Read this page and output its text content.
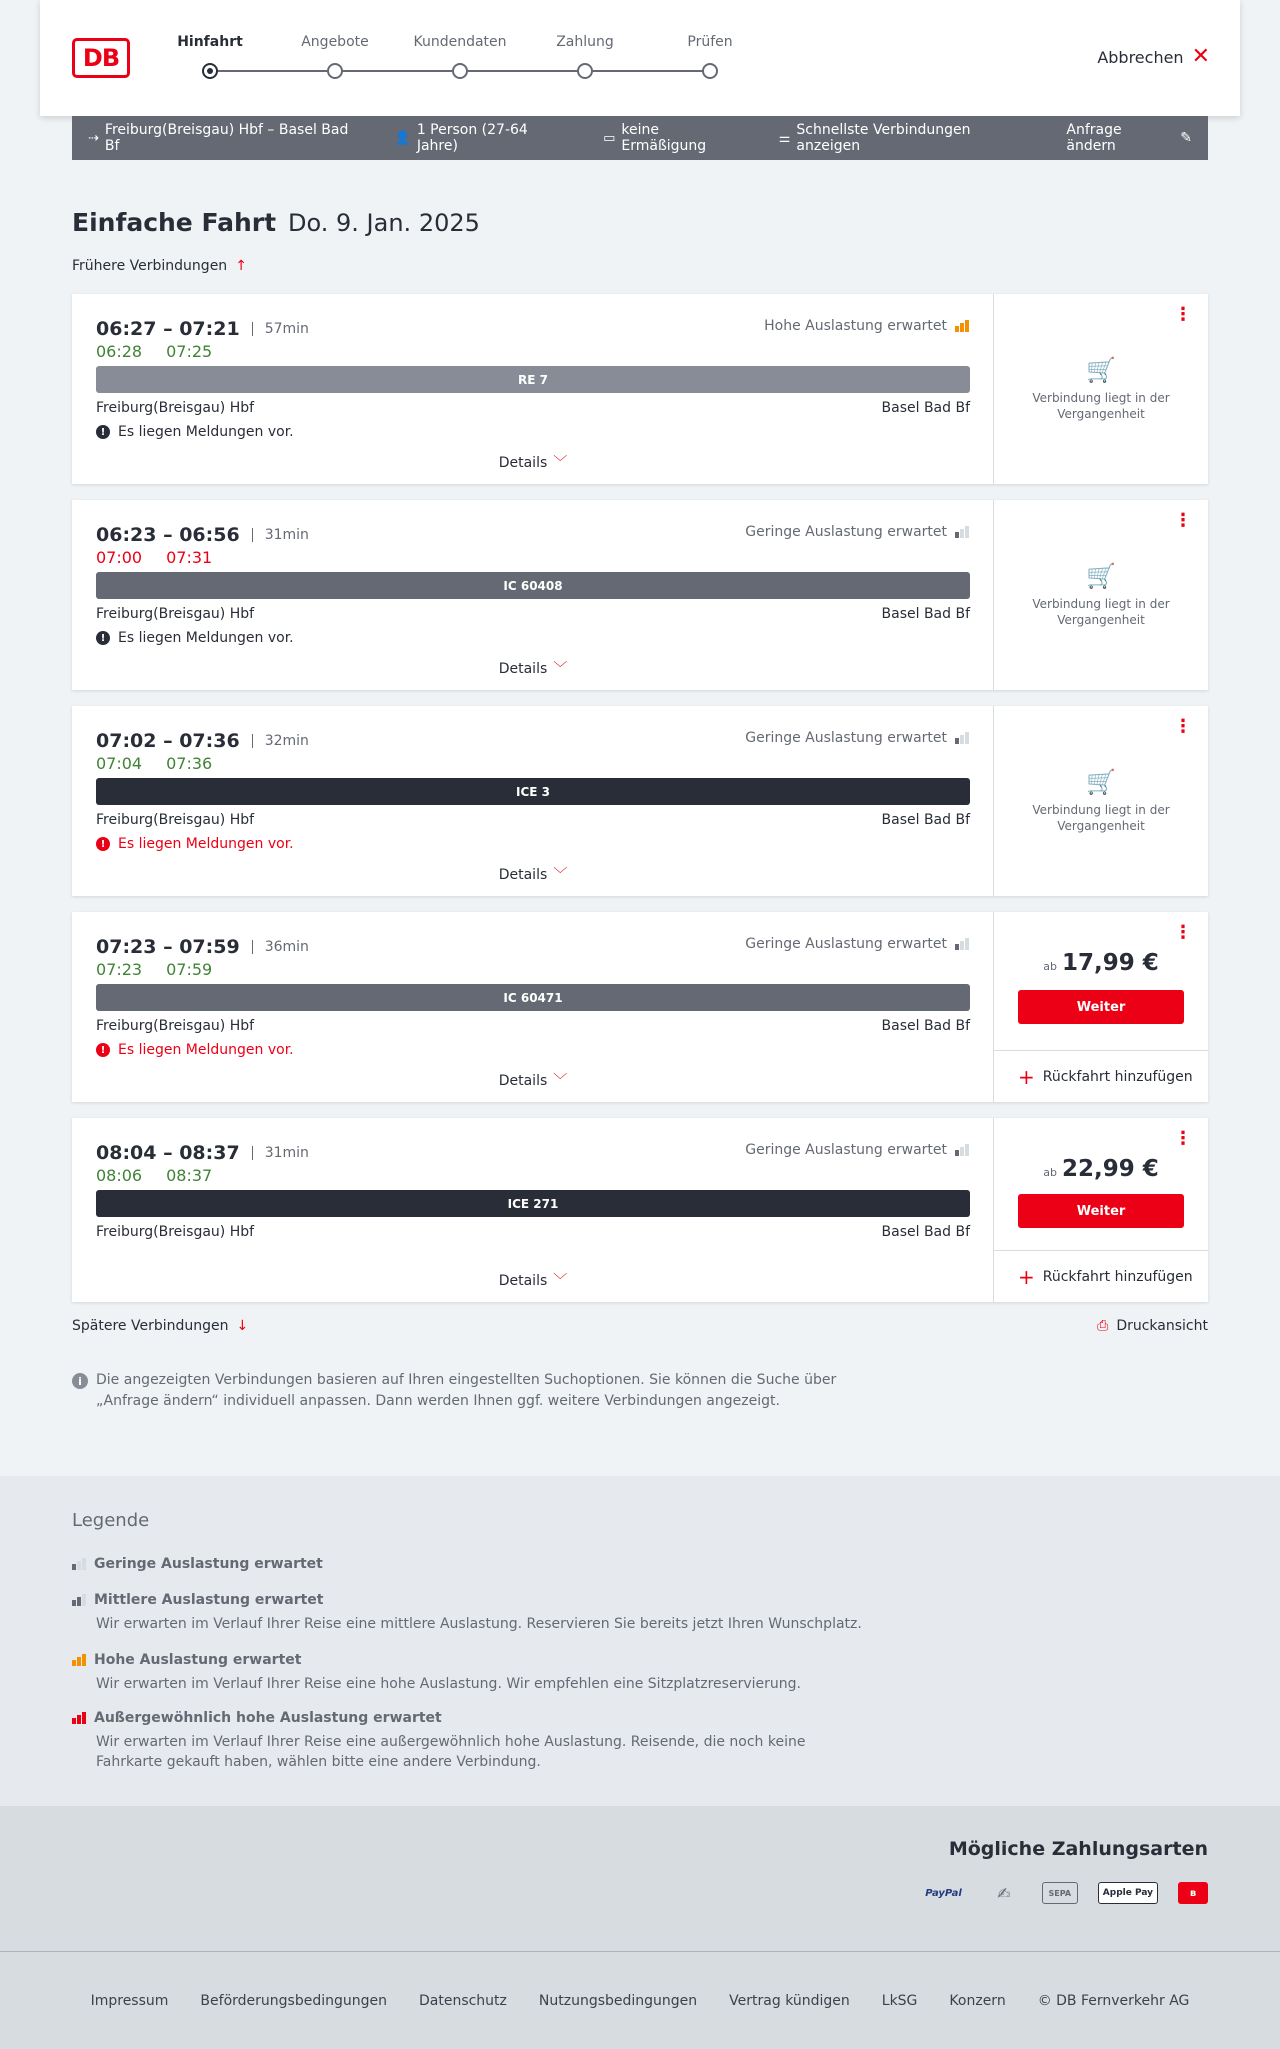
DB
Hinfahrt	Angebote	Kundendaten	Zahlung	Prüfen
Abbrechen ✕
⇢ Freiburg(Breisgau) Hbf – Basel Bad Bf	👤 1 Person (27-64 Jahre)	▭ keine Ermäßigung	⚌ Schnellste Verbindungen anzeigen
Anfrage ändern	✎
Einfache Fahrt Do. 9. Jan. 2025
Frühere Verbindungen ↑
06:27 – 07:21	57min
06:28 07:25
Hohe Auslastung erwartet
RE 7
Freiburg(Breisgau) Hbf	Basel Bad Bf
! Es liegen Meldungen vor.
Details ﹀
⋮
🛒
Verbindung liegt in der Vergangenheit
06:23 – 06:56	31min
07:00 07:31
Geringe Auslastung erwartet
IC 60408
Freiburg(Breisgau) Hbf	Basel Bad Bf
! Es liegen Meldungen vor.
Details ﹀
⋮
🛒
Verbindung liegt in der Vergangenheit
07:02 – 07:36	32min
07:04 07:36
Geringe Auslastung erwartet
ICE 3
Freiburg(Breisgau) Hbf	Basel Bad Bf
! Es liegen Meldungen vor.
Details ﹀
⋮
🛒
Verbindung liegt in der Vergangenheit
07:23 – 07:59	36min
07:23 07:59
Geringe Auslastung erwartet
IC 60471
Freiburg(Breisgau) Hbf	Basel Bad Bf
! Es liegen Meldungen vor.
Details ﹀
⋮
ab 17,99 €
Weiter
+ Rückfahrt hinzufügen
08:04 – 08:37	31min
08:06 08:37
Geringe Auslastung erwartet
ICE 271
Freiburg(Breisgau) Hbf	Basel Bad Bf
Details ﹀
⋮
ab 22,99 €
Weiter
+ Rückfahrt hinzufügen
Spätere Verbindungen ↓	⎙ Druckansicht
i	Die angezeigten Verbindungen basieren auf Ihren eingestellten Suchoptionen. Sie können die Suche über „Anfrage ändern“ individuell anpassen. Dann werden Ihnen ggf. weitere Verbindungen angezeigt.
Legende
Geringe Auslastung erwartet
Mittlere Auslastung erwartet
Wir erwarten im Verlauf Ihrer Reise eine mittlere Auslastung. Reservieren Sie bereits jetzt Ihren Wunschplatz.
Hohe Auslastung erwartet
Wir erwarten im Verlauf Ihrer Reise eine hohe Auslastung. Wir empfehlen eine Sitzplatzreservierung.
Außergewöhnlich hohe Auslastung erwartet
Wir erwarten im Verlauf Ihrer Reise eine außergewöhnlich hohe Auslastung. Reisende, die noch keine Fahrkarte gekauft haben, wählen bitte eine andere Verbindung.
Mögliche Zahlungsarten
PayPal	✍	SEPA	Apple Pay	ʙ
Impressum Beförderungsbedingungen Datenschutz Nutzungsbedingungen Vertrag kündigen LkSG Konzern © DB Fernverkehr AG
